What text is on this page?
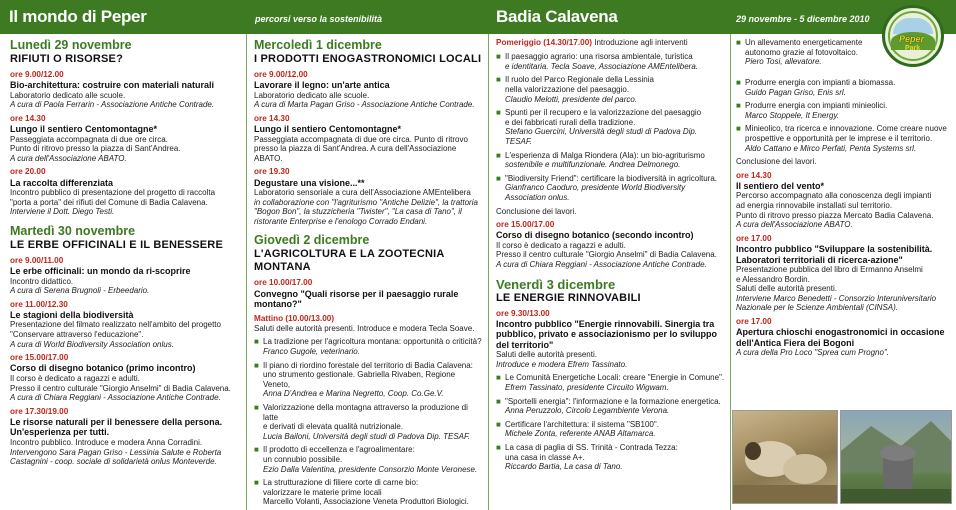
Il mondo di Peper	percorsi verso la sostenibilità	Badia Calavena	29 novembre - 5 dicembre 2010
Peper
Park
Lunedì 29 novembre
RIFIUTI O RISORSE?
ore 9.00/12.00
Bio-architettura: costruire con materiali naturali
Laboratorio dedicato alle scuole.
A cura di Paola Ferrarin - Associazione Antiche Contrade.
ore 14.30
Lungo il sentiero Centomontagne*
Passeggiata accompagnata di due ore circa.
Punto di ritrovo presso la piazza di Sant'Andrea.
A cura dell'Associazione ABATO.
ore 20.00
La raccolta differenziata
Incontro pubblico di presentazione del progetto di raccolta
"porta a porta" dei rifiuti del Comune di Badia Calavena.
Interviene il Dott. Diego Testi.
Martedì 30 novembre
LE ERBE OFFICINALI E IL BENESSERE
ore 9.00/11.00
Le erbe officinali: un mondo da ri-scoprire
Incontro didattico.
A cura di Serena Brugnoli - Erbeedario.
ore 11.00/12.30
Le stagioni della biodiversità
Presentazione del filmato realizzato nell'ambito del progetto
"Conservare attraverso l'educazione".
A cura di World Biodiversity Association onlus.
ore 15.00/17.00
Corso di disegno botanico (primo incontro)
Il corso è dedicato a ragazzi e adulti.
Presso il centro culturale "Giorgio Anselmi" di Badia Calavena.
A cura di Chiara Reggiani - Associazione Antiche Contrade.
ore 17.30/19.00
Le risorse naturali per il benessere della persona. Un'esperienza per tutti.
Incontro pubblico. Introduce e modera Anna Corradini.
Intervengono Sara Pagan Griso - Lessinia Salute e Roberta
Castagnini - coop. sociale di solidarietà onlus Monteverde.
Mercoledì 1 dicembre
I PRODOTTI ENOGASTRONOMICI LOCALI
ore 9.00/12.00
Lavorare il legno: un'arte antica
Laboratorio dedicato alle scuole.
A cura di Marta Pagan Griso - Associazione Antiche Contrade.
ore 14.30
Lungo il sentiero Centomontagne*
Passeggiata accompagnata di due ore circa. Punto di ritrovo
presso la piazza di Sant'Andrea. A cura dell'Associazione ABATO.
ore 19.30
Degustare una visione...**
Laboratorio sensoriale a cura dell'Associazione AMEntelibera
in collaborazione con "l'agriturismo "Antiche Delizie", la trattoria
"Bogon Bon", la stuzzicheria "Twister", "La casa di Tano", il
ristorante Enterprise e l'enologo Corrado Endani.
Giovedì 2 dicembre
L'AGRICOLTURA E LA ZOOTECNIA MONTANA
ore 10.00/17.00
Convegno "Quali risorse per il paesaggio rurale montano?"
Mattino (10.00/13.00)
Saluti delle autorità presenti. Introduce e modera Tecla Soave.
■ La tradizione per l'agricoltura montana: opportunità o criticità?
Franco Gugole, veterinario.
■ Il piano di riordino forestale del territorio di Badia Calavena:
uno strumento gestionale. Gabriella Rivaben, Regione Veneto,
Anna D'Andrea e Marina Negretto, Coop. Co.Ge.V.
■ Valorizzazione della montagna attraverso la produzione di latte
e derivati di elevata qualità nutrizionale.
Lucia Bailoni, Università degli studi di Padova Dip. TESAF.
■ Il prodotto di eccellenza e l'agroalimentare:
un connubio possibile.
Ezio Dalla Valentina, presidente Consorzio Monte Veronese.
■ La strutturazione di filiere corte di carne bio:
valorizzare le materie prime locali
Marcello Volanti, Associazione Veneta Produttori Biologici.
Pomeriggio (14.30/17.00) Introduzione agli interventi
■ Il paesaggio agrario: una risorsa ambientale, turistica
e identitaria. Tecla Soave, Associazione AMEntelibera.
■ Il ruolo del Parco Regionale della Lessinia
nella valorizzazione del paesaggio.
Claudio Melotti, presidente del parco.
■ Spunti per il recupero e la valorizzazione del paesaggio
e dei fabbricati rurali della tradizione.
Stefano Guercini, Università degli studi di Padova Dip. TESAF.
■ L'esperienza di Malga Riondera (Ala): un bio-agriturismo
sostenibile e multifunzionale. Andrea Delmonego.
■ "Biodiversity Friend": certificare la biodiversità in agricoltura.
Gianfranco Caoduro, presidente World Biodiversity
Association onlus.
Conclusione dei lavori.
ore 15.00/17.00
Corso di disegno botanico (secondo incontro)
Il corso è dedicato a ragazzi e adulti.
Presso il centro culturale "Giorgio Anselmi" di Badia Calavena.
A cura di Chiara Reggiani - Associazione Antiche Contrade.
Venerdì 3 dicembre
LE ENERGIE RINNOVABILI
ore 9.30/13.00
Incontro pubblico "Energie rinnovabili. Sinergia tra pubblico, privato e associazionismo per lo sviluppo del territorio"
Saluti delle autorità presenti.
Introduce e modera Efrem Tassinato.
■ Le Comunità Energetiche Locali: creare "Energie in Comune".
Efrem Tassinato, presidente Circuito Wigwam.
■ "Sportelli energia": l'informazione e la formazione energetica.
Anna Peruzzolo, Circolo Legambiente Verona.
■ Certificare l'architettura: il sistema "SB100".
Michele Zonta, referente ANAB Altamarca.
■ La casa di paglia di SS. Trinità - Contrada Tezza:
una casa in classe A+.
Riccardo Bartia, La casa di Tano.
■ Un allevamento energeticamente
autonomo grazie al fotovoltaico.
Piero Tosi, allevatore.
■ Produrre energia con impianti a biomassa.
Guido Pagan Griso, Enis srl.
■ Produrre energia con impianti minieolici.
Marco Stoppele, It Energy.
■ Minieolico, tra ricerca e innovazione. Come creare nuove
prospettive e opportunità per le imprese e il territorio.
Aldo Cattano e Mirco Perfati, Penta Systems srl.
Conclusione dei lavori.
ore 14.30
Il sentiero del vento*
Percorso accompagnato alla conoscenza degli impianti
ad energia rinnovabile installati sul territorio.
Punto di ritrovo presso piazza Mercato Badia Calavena.
A cura dell'Associazione ABATO.
ore 17.00
Incontro pubblico "Sviluppare la sostenibilità. Laboratori territoriali di ricerca-azione"
Presentazione pubblica del libro di Ermanno Anselmi
e Alessandro Bordin.
Saluti delle autorità presenti.
Interviene Marco Benedetti - Consorzio Interuniversitario
Nazionale per le Scienze Ambientali (CINSA).
ore 17.00
Apertura chioschi enogastronomici in occasione dell'Antica Fiera dei Bogoni
A cura della Pro Loco "Sprea cum Progno".
